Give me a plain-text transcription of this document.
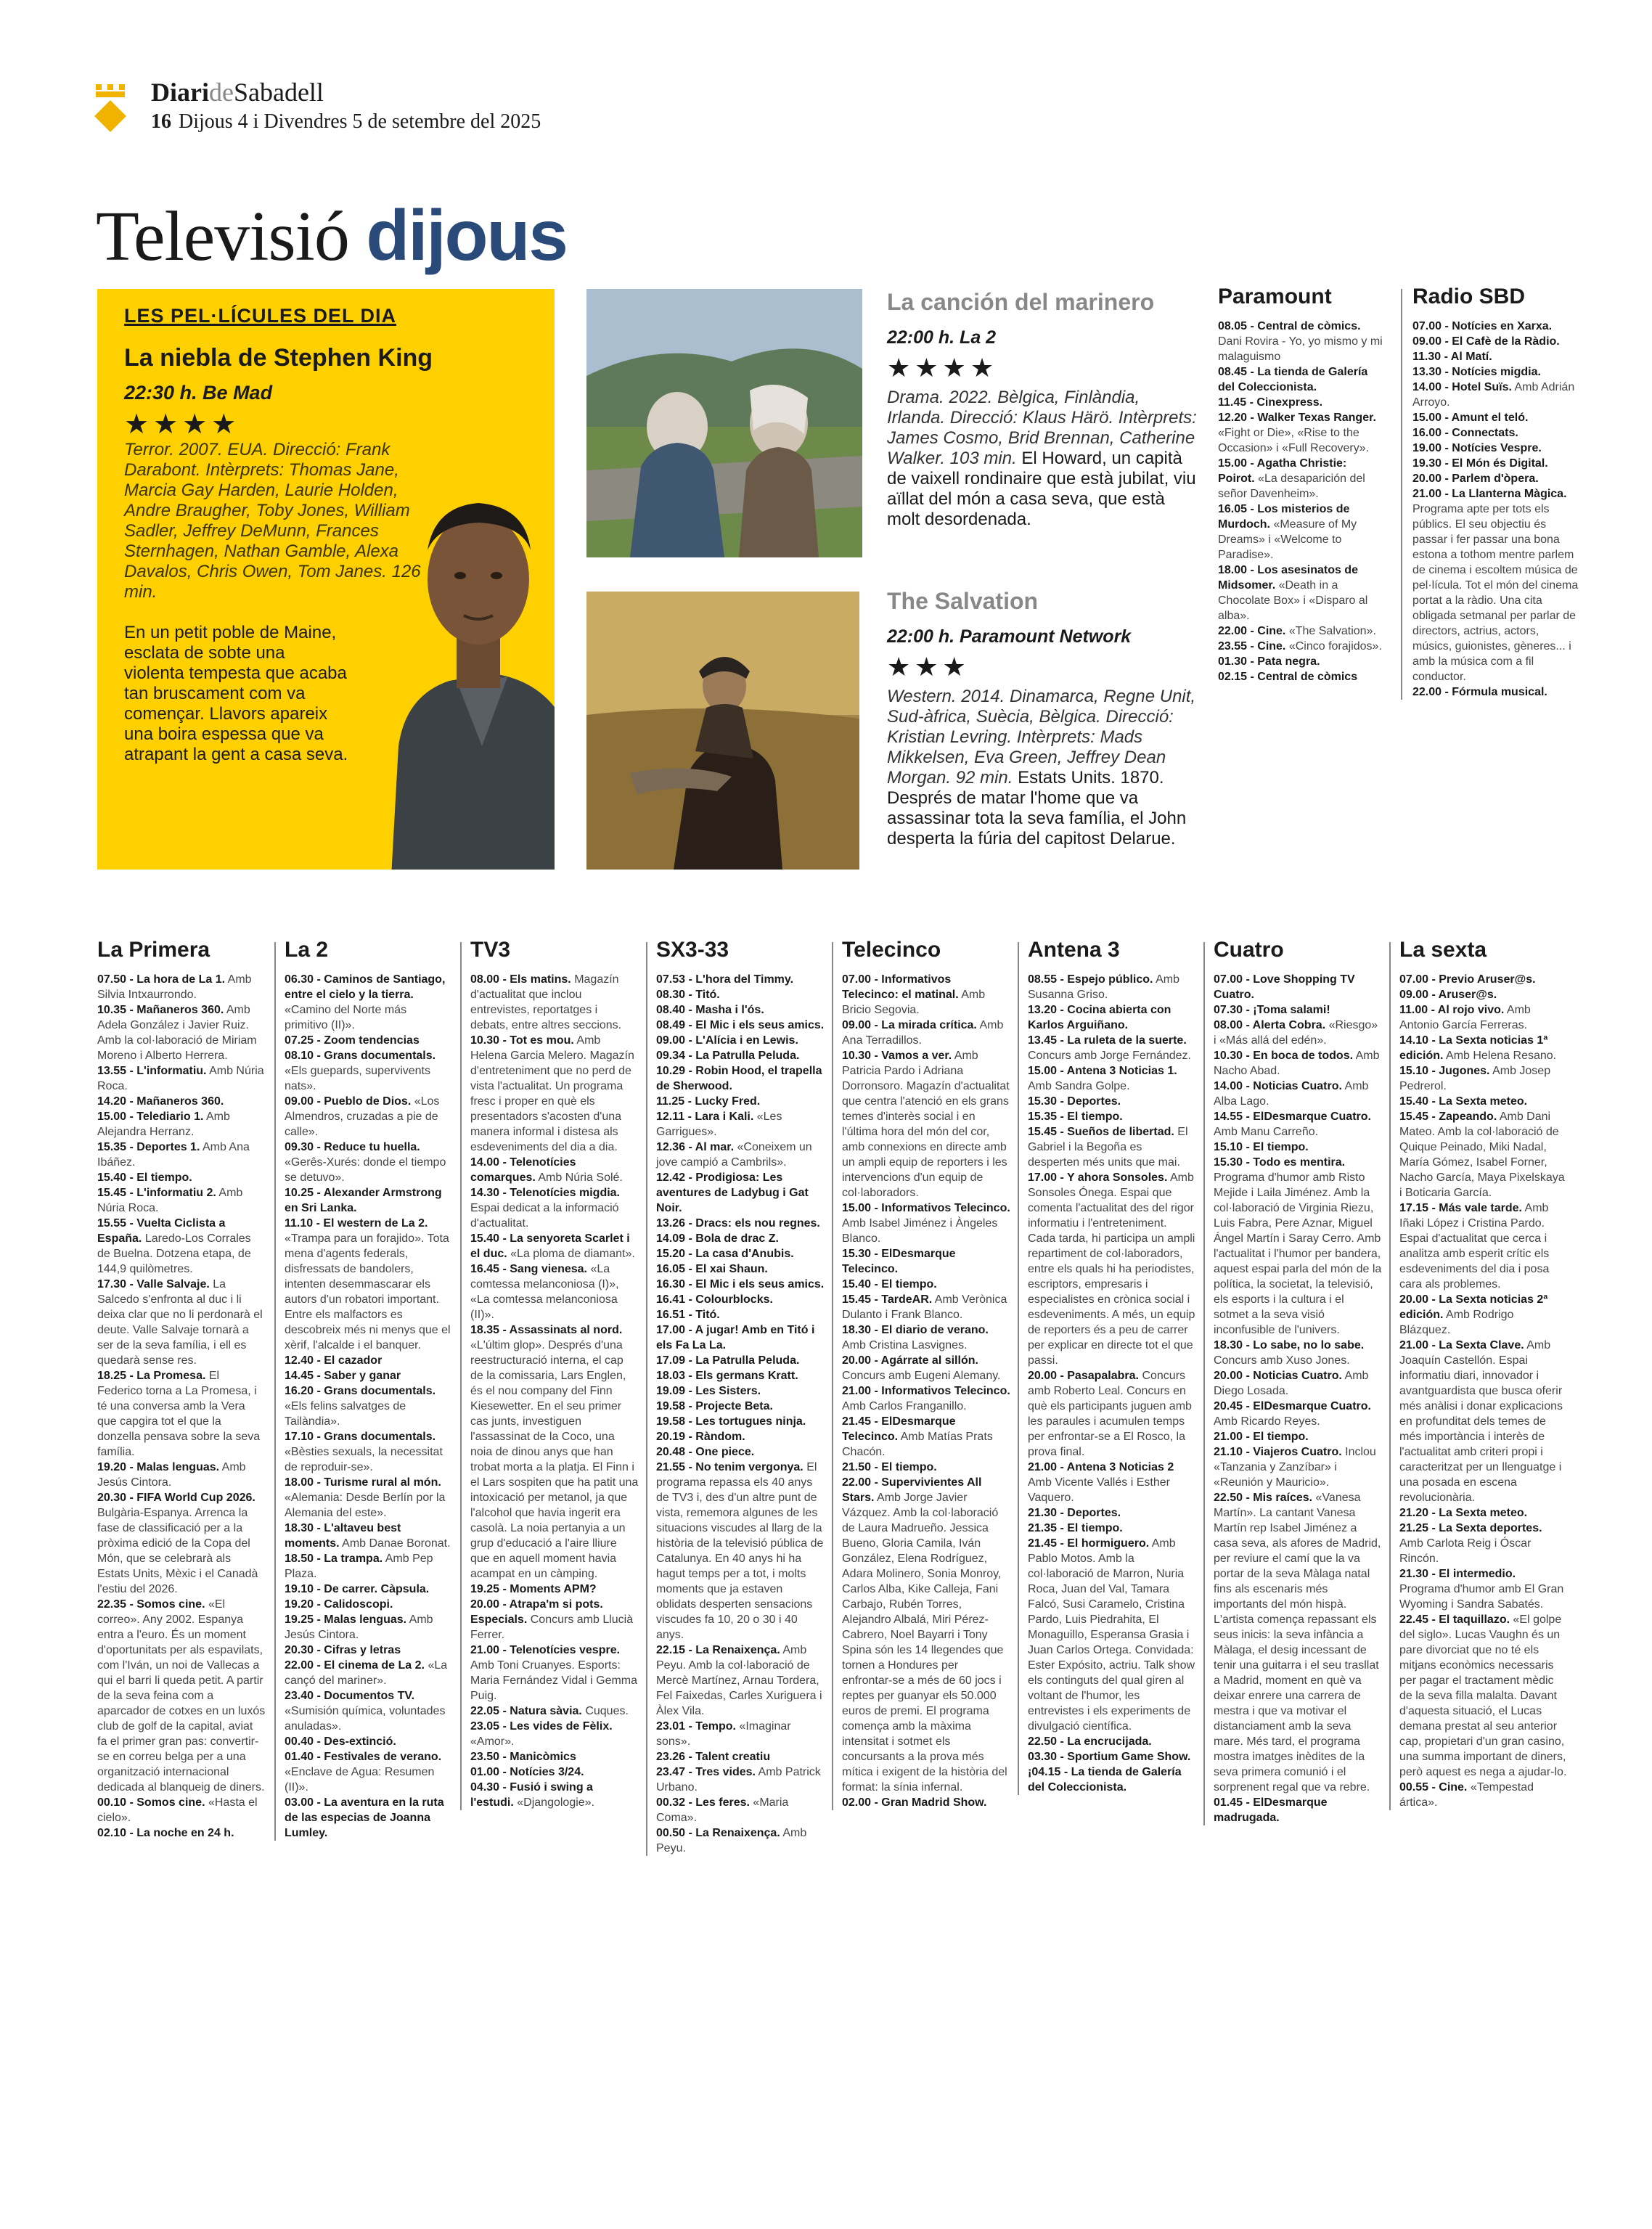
DiarideSabadell
16 Dijous 4 i Divendres 5 de setembre del 2025
Televisió dijous
LES PEL·LÍCULES DEL DIA
La niebla de Stephen King
22:30 h. Be Mad
★★★★
Terror. 2007. EUA. Direcció: Frank Darabont. Intèrprets: Thomas Jane, Marcia Gay Harden, Laurie Holden, Andre Braugher, Toby Jones, William Sadler, Jeffrey DeMunn, Frances Sternhagen, Nathan Gamble, Alexa Davalos, Chris Owen, Tom Janes. 126 min.
En un petit poble de Maine, esclata de sobte una violenta tempesta que acaba tan bruscament com va començar. Llavors apareix una boira espessa que va atrapant la gent a casa seva.
La canción del marinero
22:00 h. La 2
★★★★
Drama. 2022. Bèlgica, Finlàndia, Irlanda. Direcció: Klaus Härö. Intèrprets: James Cosmo, Brid Brennan, Catherine Walker. 103 min. El Howard, un capità de vaixell rondinaire que està jubilat, viu aïllat del món a casa seva, que està molt desordenada.
The Salvation
22:00 h. Paramount Network
★★★
Western. 2014. Dinamarca, Regne Unit, Sud-àfrica, Suècia, Bèlgica. Direcció: Kristian Levring. Intèrprets: Mads Mikkelsen, Eva Green, Jeffrey Dean Morgan. 92 min. Estats Units. 1870. Després de matar l'home que va assassinar tota la seva família, el John desperta la fúria del capitost Delarue.
Paramount
08.05 - Central de còmics. Dani Rovira - Yo, yo mismo y mi malaguismo
08.45 - La tienda de Galería del Coleccionista.
11.45 - Cinexpress.
12.20 - Walker Texas Ranger. «Fight or Die», «Rise to the Occasion» i «Full Recovery».
15.00 - Agatha Christie: Poirot. «La desaparición del señor Davenheim».
16.05 - Los misterios de Murdoch. «Measure of My Dreams» i «Welcome to Paradise».
18.00 - Los asesinatos de Midsomer. «Death in a Chocolate Box» i «Disparo al alba».
22.00 - Cine. «The Salvation».
23.55 - Cine. «Cinco forajidos».
01.30 - Pata negra.
02.15 - Central de còmics
Radio SBD
07.00 - Notícies en Xarxa.
09.00 - El Cafè de la Ràdio.
11.30 - Al Matí.
13.30 - Notícies migdia.
14.00 - Hotel Suïs. Amb Adrián Arroyo.
15.00 - Amunt el teló.
16.00 - Connectats.
19.00 - Notícies Vespre.
19.30 - El Món és Digital.
20.00 - Parlem d'òpera.
21.00 - La Llanterna Màgica. Programa apte per tots els públics. El seu objectiu és passar i fer passar una bona estona a tothom mentre parlem de cinema i escoltem música de pel·lícula. Tot el món del cinema portat a la ràdio. Una cita obligada setmanal per parlar de directors, actrius, actors, músics, guionistes, gèneres... i amb la música com a fil conductor.
22.00 - Fórmula musical.
La Primera
07.50 - La hora de La 1. Amb Silvia Intxaurrondo.
10.35 - Mañaneros 360. Amb Adela González i Javier Ruiz. Amb la col·laboració de Miriam Moreno i Alberto Herrera.
13.55 - L'informatiu. Amb Núria Roca.
14.20 - Mañaneros 360.
15.00 - Telediario 1. Amb Alejandra Herranz.
15.35 - Deportes 1. Amb Ana Ibáñez.
15.40 - El tiempo.
15.45 - L'informatiu 2. Amb Núria Roca.
15.55 - Vuelta Ciclista a España. Laredo-Los Corrales de Buelna. Dotzena etapa, de 144,9 quilòmetres.
17.30 - Valle Salvaje. La Salcedo s'enfronta al duc i li deixa clar que no li perdonarà el deute. Valle Salvaje tornarà a ser de la seva família, i ell es quedarà sense res.
18.25 - La Promesa. El Federico torna a La Promesa, i té una conversa amb la Vera que capgira tot el que la donzella pensava sobre la seva família.
19.20 - Malas lenguas. Amb Jesús Cintora.
20.30 - FIFA World Cup 2026. Bulgària-Espanya. Arrenca la fase de classificació per a la pròxima edició de la Copa del Món, que se celebrarà als Estats Units, Mèxic i el Canadà l'estiu del 2026.
22.35 - Somos cine. «El correo». Any 2002. Espanya entra a l'euro. És un moment d'oportunitats per als espavilats, com l'Iván, un noi de Vallecas a qui el barri li queda petit. A partir de la seva feina com a aparcador de cotxes en un luxós club de golf de la capital, aviat fa el primer gran pas: convertir-se en correu belga per a una organització internacional dedicada al blanqueig de diners.
00.10 - Somos cine. «Hasta el cielo».
02.10 - La noche en 24 h.
La 2
06.30 - Caminos de Santiago, entre el cielo y la tierra. «Camino del Norte más primitivo (II)».
07.25 - Zoom tendencias
08.10 - Grans documentals. «Els guepards, supervivents nats».
09.00 - Pueblo de Dios. «Los Almendros, cruzadas a pie de calle».
09.30 - Reduce tu huella. «Gerês-Xurés: donde el tiempo se detuvo».
10.25 - Alexander Armstrong en Sri Lanka.
11.10 - El western de La 2. «Trampa para un forajido». Tota mena d'agents federals, disfressats de bandolers, intenten desemmascarar els autors d'un robatori important. Entre els malfactors es descobreix més ni menys que el xèrif, l'alcalde i el banquer.
12.40 - El cazador
14.45 - Saber y ganar
16.20 - Grans documentals. «Els felins salvatges de Tailàndia».
17.10 - Grans documentals. «Bèsties sexuals, la necessitat de reproduir-se».
18.00 - Turisme rural al món. «Alemania: Desde Berlín por la Alemania del este».
18.30 - L'altaveu best moments. Amb Danae Boronat.
18.50 - La trampa. Amb Pep Plaza.
19.10 - De carrer. Càpsula.
19.20 - Calidoscopi.
19.25 - Malas lenguas. Amb Jesús Cintora.
20.30 - Cifras y letras
22.00 - El cinema de La 2. «La cançó del mariner».
23.40 - Documentos TV. «Sumisión química, voluntades anuladas».
00.40 - Des-extinció.
01.40 - Festivales de verano. «Enclave de Agua: Resumen (II)».
03.00 - La aventura en la ruta de las especias de Joanna Lumley.
TV3
08.00 - Els matins. Magazín d'actualitat que inclou entrevistes, reportatges i debats, entre altres seccions.
10.30 - Tot es mou. Amb Helena Garcia Melero. Magazín d'entreteniment que no perd de vista l'actualitat. Un programa fresc i proper en què els presentadors s'acosten d'una manera informal i distesa als esdeveniments del dia a dia.
14.00 - Telenotícies comarques. Amb Núria Solé.
14.30 - Telenotícies migdia. Espai dedicat a la informació d'actualitat.
15.40 - La senyoreta Scarlet i el duc. «La ploma de diamant».
16.45 - Sang vienesa. «La comtessa melanconiosa (I)», «La comtessa melanconiosa (II)».
18.35 - Assassinats al nord. «L'últim glop». Després d'una reestructuració interna, el cap de la comissaria, Lars Englen, és el nou company del Finn Kiesewetter. En el seu primer cas junts, investiguen l'assassinat de la Coco, una noia de dinou anys que han trobat morta a la platja. El Finn i el Lars sospiten que ha patit una intoxicació per metanol, ja que l'alcohol que havia ingerit era casolà. La noia pertanyia a un grup d'educació a l'aire lliure que en aquell moment havia acampat en un càmping.
19.25 - Moments APM?
20.00 - Atrapa'm si pots. Especials. Concurs amb Llucià Ferrer.
21.00 - Telenotícies vespre. Amb Toni Cruanyes. Esports: Maria Fernández Vidal i Gemma Puig.
22.05 - Natura sàvia. Cuques.
23.05 - Les vides de Fèlix. «Amor».
23.50 - Manicòmics
01.00 - Notícies 3/24.
04.30 - Fusió i swing a l'estudi. «Djangologie».
SX3-33
07.53 - L'hora del Timmy.
08.30 - Titó.
08.40 - Masha i l'ós.
08.49 - El Mic i els seus amics.
09.00 - L'Alícia i en Lewis.
09.34 - La Patrulla Peluda.
10.29 - Robin Hood, el trapella de Sherwood.
11.25 - Lucky Fred.
12.11 - Lara i Kali. «Les Garrigues».
12.36 - Al mar. «Coneixem un jove campió a Cambrils».
12.42 - Prodigiosa: Les aventures de Ladybug i Gat Noir.
13.26 - Dracs: els nou regnes.
14.09 - Bola de drac Z.
15.20 - La casa d'Anubis.
16.05 - El xai Shaun.
16.30 - El Mic i els seus amics.
16.41 - Colourblocks.
16.51 - Titó.
17.00 - A jugar! Amb en Titó i els Fa La La.
17.09 - La Patrulla Peluda.
18.03 - Els germans Kratt.
19.09 - Les Sisters.
19.58 - Projecte Beta.
19.58 - Les tortugues ninja.
20.19 - Ràndom.
20.48 - One piece.
21.55 - No tenim vergonya. El programa repassa els 40 anys de TV3 i, des d'un altre punt de vista, rememora algunes de les situacions viscudes al llarg de la història de la televisió pública de Catalunya. En 40 anys hi ha hagut temps per a tot, i molts moments que ja estaven oblidats desperten sensacions viscudes fa 10, 20 o 30 i 40 anys.
22.15 - La Renaixença. Amb Peyu. Amb la col·laboració de Mercè Martínez, Arnau Tordera, Fel Faixedas, Carles Xuriguera i Àlex Vila.
23.01 - Tempo. «Imaginar sons».
23.26 - Talent creatiu
23.47 - Tres vides. Amb Patrick Urbano.
00.32 - Les feres. «Maria Coma».
00.50 - La Renaixença. Amb Peyu.
Telecinco
07.00 - Informativos Telecinco: el matinal. Amb Bricio Segovia.
09.00 - La mirada crítica. Amb Ana Terradillos.
10.30 - Vamos a ver. Amb Patricia Pardo i Adriana Dorronsoro. Magazín d'actualitat que centra l'atenció en els grans temes d'interès social i en l'última hora del món del cor, amb connexions en directe amb un ampli equip de reporters i les intervencions d'un equip de col·laboradors.
15.00 - Informativos Telecinco. Amb Isabel Jiménez i Àngeles Blanco.
15.30 - ElDesmarque Telecinco.
15.40 - El tiempo.
15.45 - TardeAR. Amb Verònica Dulanto i Frank Blanco.
18.30 - El diario de verano. Amb Cristina Lasvignes.
20.00 - Agárrate al sillón. Concurs amb Eugeni Alemany.
21.00 - Informativos Telecinco. Amb Carlos Franganillo.
21.45 - ElDesmarque Telecinco. Amb Matías Prats Chacón.
21.50 - El tiempo.
22.00 - Supervivientes All Stars. Amb Jorge Javier Vázquez. Amb la col·laboració de Laura Madrueño. Jessica Bueno, Gloria Camila, Iván González, Elena Rodríguez, Adara Molinero, Sonia Monroy, Carlos Alba, Kike Calleja, Fani Carbajo, Rubén Torres, Alejandro Albalá, Miri Pérez-Cabrero, Noel Bayarri i Tony Spina són les 14 llegendes que tornen a Hondures per enfrontar-se a més de 60 jocs i reptes per guanyar els 50.000 euros de premi. El programa comença amb la màxima intensitat i sotmet els concursants a la prova més mítica i exigent de la història del format: la sínia infernal.
02.00 - Gran Madrid Show.
Antena 3
08.55 - Espejo público. Amb Susanna Griso.
13.20 - Cocina abierta con Karlos Arguiñano.
13.45 - La ruleta de la suerte. Concurs amb Jorge Fernández.
15.00 - Antena 3 Noticias 1. Amb Sandra Golpe.
15.30 - Deportes.
15.35 - El tiempo.
15.45 - Sueños de libertad. El Gabriel i la Begoña es desperten més units que mai.
17.00 - Y ahora Sonsoles. Amb Sonsoles Ónega. Espai que comenta l'actualitat des del rigor informatiu i l'entreteniment. Cada tarda, hi participa un ampli repartiment de col·laboradors, entre els quals hi ha periodistes, escriptors, empresaris i especialistes en crònica social i esdeveniments. A més, un equip de reporters és a peu de carrer per explicar en directe tot el que passi.
20.00 - Pasapalabra. Concurs amb Roberto Leal. Concurs en què els participants juguen amb les paraules i acumulen temps per enfrontar-se a El Rosco, la prova final.
21.00 - Antena 3 Noticias 2 Amb Vicente Vallés i Esther Vaquero.
21.30 - Deportes.
21.35 - El tiempo.
21.45 - El hormiguero. Amb Pablo Motos. Amb la col·laboració de Marron, Nuria Roca, Juan del Val, Tamara Falcó, Susi Caramelo, Cristina Pardo, Luis Piedrahita, El Monaguillo, Esperansa Grasia i Juan Carlos Ortega. Convidada: Ester Expósito, actriu. Talk show els continguts del qual giren al voltant de l'humor, les entrevistes i els experiments de divulgació científica.
22.50 - La encrucijada.
03.30 - Sportium Game Show.
¡04.15 - La tienda de Galería del Coleccionista.
Cuatro
07.00 - Love Shopping TV Cuatro.
07.30 - ¡Toma salami!
08.00 - Alerta Cobra. «Riesgo» i «Más allá del edén».
10.30 - En boca de todos. Amb Nacho Abad.
14.00 - Noticias Cuatro. Amb Alba Lago.
14.55 - ElDesmarque Cuatro. Amb Manu Carreño.
15.10 - El tiempo.
15.30 - Todo es mentira. Programa d'humor amb Risto Mejide i Laila Jiménez. Amb la col·laboració de Virginia Riezu, Luis Fabra, Pere Aznar, Miguel Ángel Martín i Saray Cerro. Amb l'actualitat i l'humor per bandera, aquest espai parla del món de la política, la societat, la televisió, els esports i la cultura i el sotmet a la seva visió inconfusible de l'univers.
18.30 - Lo sabe, no lo sabe. Concurs amb Xuso Jones.
20.00 - Noticias Cuatro. Amb Diego Losada.
20.45 - ElDesmarque Cuatro. Amb Ricardo Reyes.
21.00 - El tiempo.
21.10 - Viajeros Cuatro. Inclou «Tanzania y Zanzíbar» i «Reunión y Mauricio».
22.50 - Mis raíces. «Vanesa Martín». La cantant Vanesa Martín rep Isabel Jiménez a casa seva, als afores de Madrid, per reviure el camí que la va portar de la seva Màlaga natal fins als escenaris més importants del món hispà. L'artista comença repassant els seus inicis: la seva infància a Màlaga, el desig incessant de tenir una guitarra i el seu trasllat a Madrid, moment en què va deixar enrere una carrera de mestra i que va motivar el distanciament amb la seva mare. Més tard, el programa mostra imatges inèdites de la seva primera comunió i el sorprenent regal que va rebre.
01.45 - ElDesmarque madrugada.
La sexta
07.00 - Previo Aruser@s.
09.00 - Aruser@s.
11.00 - Al rojo vivo. Amb Antonio García Ferreras.
14.10 - La Sexta noticias 1ª edición. Amb Helena Resano.
15.10 - Jugones. Amb Josep Pedrerol.
15.40 - La Sexta meteo.
15.45 - Zapeando. Amb Dani Mateo. Amb la col·laboració de Quique Peinado, Miki Nadal, María Gómez, Isabel Forner, Nacho García, Maya Pixelskaya i Boticaria García.
17.15 - Más vale tarde. Amb Iñaki López i Cristina Pardo. Espai d'actualitat que cerca i analitza amb esperit crític els esdeveniments del dia i posa cara als problemes.
20.00 - La Sexta noticias 2ª edición. Amb Rodrigo Blázquez.
21.00 - La Sexta Clave. Amb Joaquín Castellón. Espai informatiu diari, innovador i avantguardista que busca oferir més anàlisi i donar explicacions en profunditat dels temes de més importància i interès de l'actualitat amb criteri propi i caracteritzat per un llenguatge i una posada en escena revolucionària.
21.20 - La Sexta meteo.
21.25 - La Sexta deportes. Amb Carlota Reig i Óscar Rincón.
21.30 - El intermedio. Programa d'humor amb El Gran Wyoming i Sandra Sabatés.
22.45 - El taquillazo. «El golpe del siglo». Lucas Vaughn és un pare divorciat que no té els mitjans econòmics necessaris per pagar el tractament mèdic de la seva filla malalta. Davant d'aquesta situació, el Lucas demana prestat al seu anterior cap, propietari d'un gran casino, una summa important de diners, però aquest es nega a ajudar-lo.
00.55 - Cine. «Tempestad ártica».
